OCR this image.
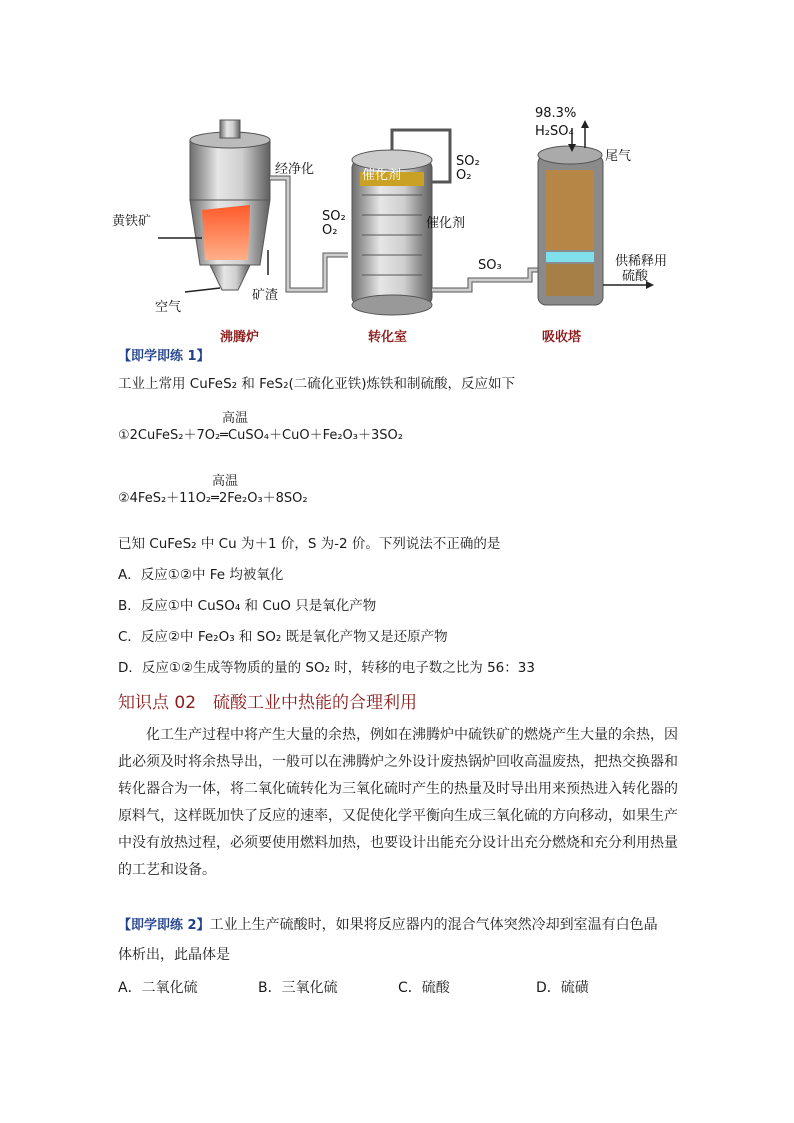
98.3%
H₂SO₄
尾气
经净化	催化剂
SO₂
O₂
SO₂
O₂	催化剂
黄铁矿
空气
矿渣
SO₃	供稀释用
硫酸
沸腾炉	转化室	吸收塔
【即学即练 1】
工业上常用 CuFeS₂ 和 FeS₂(二硫化亚铁)炼铁和制硫酸，反应如下
高温
①2CuFeS₂＋7O₂═CuSO₄＋CuO＋Fe₂O₃＋3SO₂
高温
②4FeS₂＋11O₂═2Fe₂O₃＋8SO₂
已知 CuFeS₂ 中 Cu 为＋1 价，S 为-2 价。下列说法不正确的是
A．反应①②中 Fe 均被氧化
B．反应①中 CuSO₄ 和 CuO 只是氧化产物
C．反应②中 Fe₂O₃ 和 SO₂ 既是氧化产物又是还原产物
D．反应①②生成等物质的量的 SO₂ 时，转移的电子数之比为 56：33
知识点 02　硫酸工业中热能的合理利用
化工生产过程中将产生大量的余热，例如在沸腾炉中硫铁矿的燃烧产生大量的余热，因此必须及时将余热导出，一般可以在沸腾炉之外设计废热锅炉回收高温废热，把热交换器和转化器合为一体，将二氧化硫转化为三氧化硫时产生的热量及时导出用来预热进入转化器的原料气，这样既加快了反应的速率，又促使化学平衡向生成三氧化硫的方向移动，如果生产中没有放热过程，必须要使用燃料加热，也要设计出能充分设计出充分燃烧和充分利用热量的工艺和设备。
【即学即练 2】工业上生产硫酸时，如果将反应器内的混合气体突然冷却到室温有白色晶
体析出，此晶体是
A．二氧化硫	B．三氧化硫	C．硫酸	D．硫磺
